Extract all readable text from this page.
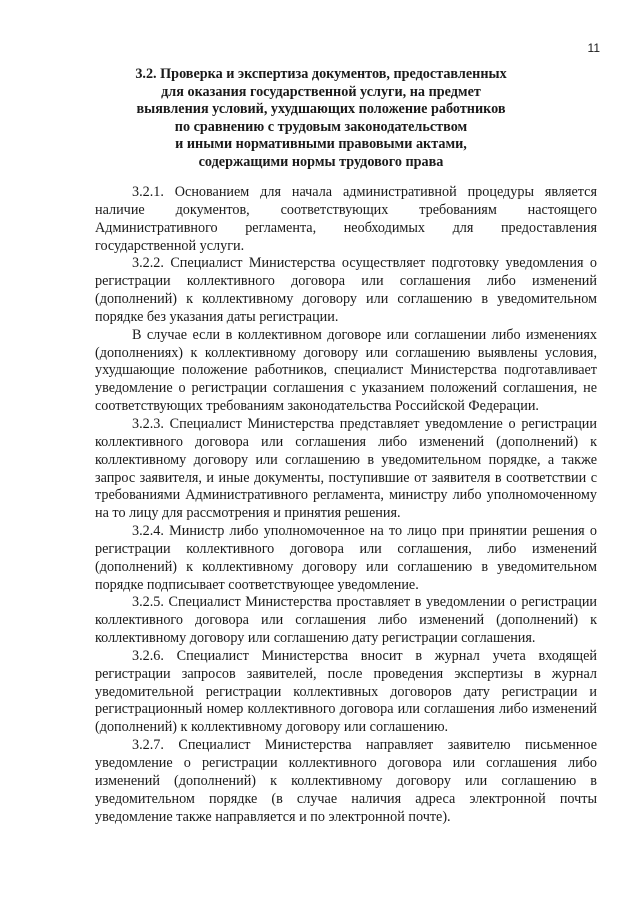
11
3.2. Проверка и экспертиза документов, предоставленных
для оказания государственной услуги, на предмет
выявления условий, ухудшающих положение работников
по сравнению с трудовым законодательством
и иными нормативными правовыми актами,
содержащими нормы трудового права

3.2.1. Основанием для начала административной процедуры является наличие документов, соответствующих требованиям настоящего Административного регламента, необходимых для предоставления государственной услуги.

3.2.2. Специалист Министерства осуществляет подготовку уведомления о регистрации коллективного договора или соглашения либо изменений (дополнений) к коллективному договору или соглашению в уведомительном порядке без указания даты регистрации.

В случае если в коллективном договоре или соглашении либо изменениях (дополнениях) к коллективному договору или соглашению выявлены условия, ухудшающие положение работников, специалист Министерства подготавливает уведомление о регистрации соглашения с указанием положений соглашения, не соответствующих требованиям законодательства Российской Федерации.

3.2.3. Специалист Министерства представляет уведомление о регистрации коллективного договора или соглашения либо изменений (дополнений) к коллективному договору или соглашению в уведомительном порядке, а также запрос заявителя, и иные документы, поступившие от заявителя в соответствии с требованиями Административного регламента, министру либо уполномоченному на то лицу для рассмотрения и принятия решения.

3.2.4. Министр либо уполномоченное на то лицо при принятии решения о регистрации коллективного договора или соглашения, либо изменений (дополнений) к коллективному договору или соглашению в уведомительном порядке подписывает соответствующее уведомление.

3.2.5. Специалист Министерства проставляет в уведомлении о регистрации коллективного договора или соглашения либо изменений (дополнений) к коллективному договору или соглашению дату регистрации соглашения.

3.2.6. Специалист Министерства вносит в журнал учета входящей регистрации запросов заявителей, после проведения экспертизы в журнал уведомительной регистрации коллективных договоров дату регистрации и регистрационный номер коллективного договора или соглашения либо изменений (дополнений) к коллективному договору или соглашению.

3.2.7. Специалист Министерства направляет заявителю письменное уведомление о регистрации коллективного договора или соглашения либо изменений (дополнений) к коллективному договору или соглашению в уведомительном порядке (в случае наличия адреса электронной почты уведомление также направляется и по электронной почте).
